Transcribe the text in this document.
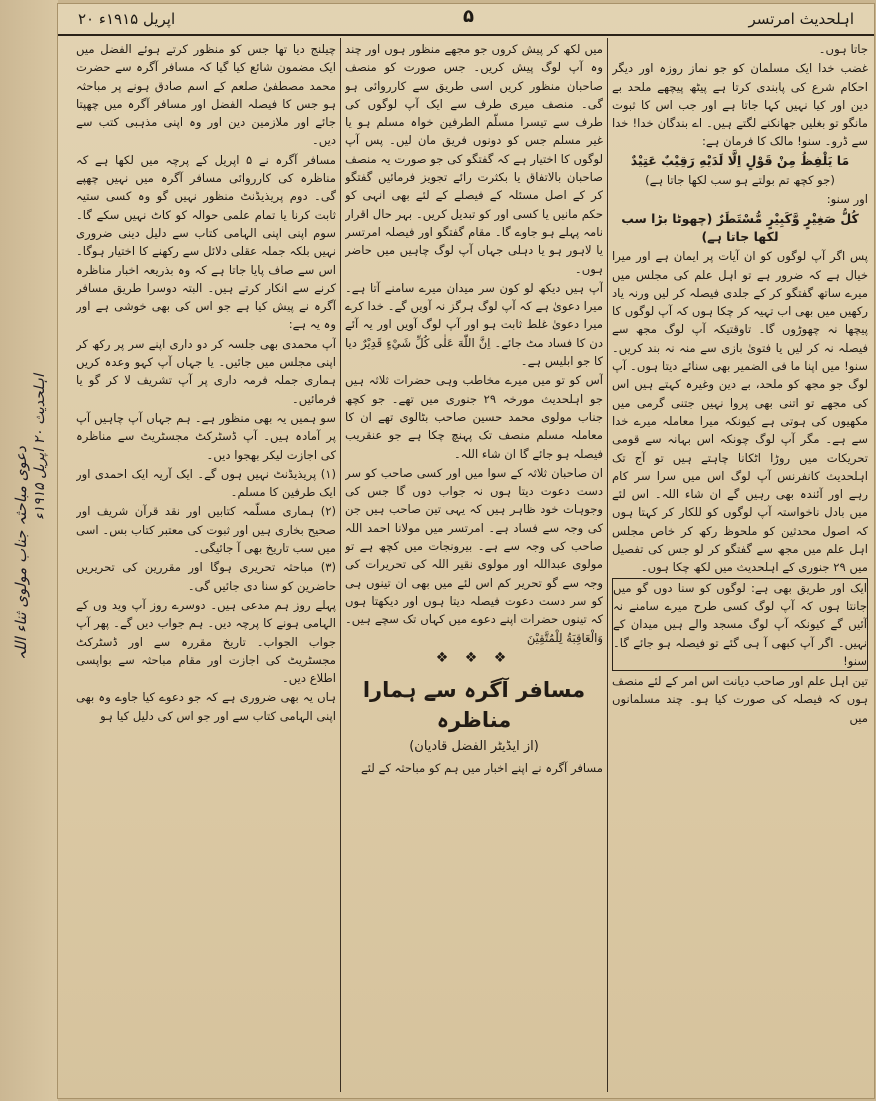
دعوی مباحثہ جناب مولوی ثناء اللہ اہلحدیث ۲۰ اپریل ۱۹۱۵ء
۲۰ اپریل ۱۹۱۵ء	۵	اہلحدیث امرتسر

جاتا ہوں۔

غضب خدا ایک مسلمان کو جو نماز روزہ اور دیگر احکام شرع کی پابندی کرتا ہے پیٹھ پیچھے ملحد بے دین اور کیا نہیں کہا جاتا ہے اور جب اس کا ثبوت مانگو تو بغلیں جھانکنے لگتے ہیں۔ اے بندگان خدا! خدا سے ڈرو۔ سنو! مالک کا فرمان ہے:

مَا يَلْفِظُ مِنْ قَوْلٍ اِلَّا لَدَيْهِ رَقِيْبٌ عَتِيْدٌ

(جو کچھ تم بولتے ہو سب لکھا جاتا ہے)

اور سنو:

كُلُّ صَغِيْرٍ وَّكَبِيْرٍ مُّسْتَطَرٌ (چھوٹا بڑا سب لکھا جاتا ہے)

پس اگر آپ لوگوں کو ان آیات پر ایمان ہے اور میرا خیال ہے کہ ضرور ہے تو اہل علم کی مجلس میں میرے ساتھ گفتگو کر کے جلدی فیصلہ کر لیں ورنہ یاد رکھیں میں بھی اب تہیہ کر چکا ہوں کہ آپ لوگوں کا پیچھا نہ چھوڑوں گا۔ تاوقتیکہ آپ لوگ مجھ سے فیصلہ نہ کر لیں یا فتویٰ بازی سے منہ نہ بند کریں۔ سنو! میں اپنا ما فی الضمیر بھی سنائے دیتا ہوں۔ آپ لوگ جو مجھ کو ملحد، بے دین وغیرہ کہتے ہیں اس کی مجھے تو اتنی بھی پروا نہیں جتنی گرمی میں مکھیوں کی ہوتی ہے کیونکہ میرا معاملہ میرے خدا سے ہے۔ مگر آپ لوگ چونکہ اس بہانہ سے قومی تحریکات میں روڑا اٹکانا چاہتے ہیں تو آج تک اہلحدیث کانفرنس آپ لوگ اس میں سرا سر کام رہے اور آئندہ بھی رہیں گے ان شاء اللہ۔ اس لئے میں بادل ناخواستہ آپ لوگوں کو للکار کر کہتا ہوں کہ اصول محدثین کو ملحوظ رکھ کر خاص مجلس اہل علم میں مجھ سے گفتگو کر لو جس کی تفصیل میں ۲۹ جنوری کے اہلحدیث میں لکھ چکا ہوں۔

ایک اور طریق بھی ہے: لوگوں کو سنا دوں گو میں جانتا ہوں کہ آپ لوگ کسی طرح میرے سامنے نہ آئیں گے کیونکہ آپ لوگ مسجد والے ہیں میدان کے نہیں۔ اگر آپ کبھی آ ہی گئے تو فیصلہ ہو جائے گا۔ سنو!

تین اہل علم اور صاحب دیانت اس امر کے لئے منصف ہوں کہ فیصلہ کی صورت کیا ہو۔ چند مسلمانوں میں

میں لکھ کر پیش کروں جو مجھے منظور ہوں اور چند وہ آپ لوگ پیش کریں۔ جس صورت کو منصف صاحبان منظور کریں اسی طریق سے کارروائی ہو گی۔ منصف میری طرف سے ایک آپ لوگوں کی طرف سے تیسرا مسلّم الطرفین خواہ مسلم ہو یا غیر مسلم جس کو دونوں فریق مان لیں۔ پس آپ لوگوں کا اختیار ہے کہ گفتگو کی جو صورت یہ منصف صاحبان بالاتفاق یا بکثرت رائے تجویز فرمائیں گفتگو کر کے اصل مسئلہ کے فیصلے کے لئے بھی انہی کو حکم مانیں یا کسی اور کو تبدیل کریں۔ بہر حال اقرار نامہ پہلے ہو جاوے گا۔ مقام گفتگو اور فیصلہ امرتسر یا لاہور ہو یا دہلی جہاں آپ لوگ چاہیں میں حاضر ہوں۔

آپ ہیں دیکھ لو کون سر میدان میرے سامنے آتا ہے۔ میرا دعویٰ ہے کہ آپ لوگ ہرگز نہ آویں گے۔ خدا کرے میرا دعویٰ غلط ثابت ہو اور آپ لوگ آویں اور یہ آئے دن کا فساد مٹ جائے۔ اِنَّ اللّٰهَ عَلٰى كُلِّ شَيْءٍ قَدِيْرٌ دیا کا جو ابلیس ہے۔

آس کو تو میں میرے مخاطب وہی حضرات ثلاثہ ہیں جو اہلحدیث مورخہ ۲۹ جنوری میں تھے۔ جو کچھ جناب مولوی محمد حسین صاحب بٹالوی تھے ان کا معاملہ مسلم منصف تک پہنچ چکا ہے جو عنقریب فیصلہ ہو جائے گا ان شاء اللہ۔

ان صاحبان ثلاثہ کے سوا میں اور کسی صاحب کو سر دست دعوت دیتا ہوں نہ جواب دوں گا جس کی وجوہات خود ظاہر ہیں کہ یہی تین صاحب ہیں جن کی وجہ سے فساد ہے۔ امرتسر میں مولانا احمد اللہ صاحب کی وجہ سے ہے۔ بیرونجات میں کچھ ہے تو مولوی عبداللہ اور مولوی نقیر اللہ کی تحریرات کی وجہ سے گو تحریر کم اس لئے میں بھی ان تینوں ہی کو سر دست دعوت فیصلہ دیتا ہوں اور دیکھتا ہوں کہ تینوں حضرات اپنے دعوے میں کہاں تک سچے ہیں۔ وَالْعَاقِبَةُ لِلْمُتَّقِيْنَ

❖ ❖ ❖
مسافر آگرہ سے ہمارا مناظرہ
(از ایڈیٹر الفضل قادیان)

مسافر آگرہ نے اپنے اخبار میں ہم کو مباحثہ کے لئے

چیلنج دیا تھا جس کو منظور کرتے ہوئے الفضل میں ایک مضمون شائع کیا گیا کہ مسافر آگرہ سے حضرت محمد مصطفیٰ صلعم کے اسم صادق ہونے پر مباحثہ ہو جس کا فیصلہ الفضل اور مسافر آگرہ میں چھپتا جائے اور ملازمین دین اور وہ اپنی مذہبی کتب سے دیں۔

مسافر آگرہ نے ۵ اپریل کے پرچہ میں لکھا ہے کہ مناظرہ کی کارروائی مسافر آگرہ میں نہیں چھپے گی۔ دوم پریذیڈنٹ منظور نہیں گو وہ کسی ستیہ ثابت کرنا یا تمام علمی حوالہ کو کاٹ نہیں سکے گا۔ سوم اپنی اپنی الہامی کتاب سے دلیل دینی ضروری نہیں بلکہ جملہ عقلی دلائل سے رکھنے کا اختیار ہوگا۔ اس سے صاف پایا جاتا ہے کہ وہ بذریعہ اخبار مناظرہ کرنے سے انکار کرتے ہیں۔ البتہ دوسرا طریق مسافر آگرہ نے پیش کیا ہے جو اس کی بھی خوشی ہے اور وہ یہ ہے:

آپ محمدی بھی جلسہ کر دو داری اپنے سر پر رکھ کر اپنی مجلس میں جائیں۔ یا جہاں آپ کہو وعدہ کریں ہماری جملہ فرمہ داری پر آپ تشریف لا کر گو یا فرمائیں۔

سو ہمیں یہ بھی منظور ہے۔ ہم جہاں آپ چاہیں آپ پر آمادہ ہیں۔ آپ ڈسٹرکٹ مجسٹریٹ سے مناظرہ کی اجازت لیکر بھجوا دیں۔

(۱) پریذیڈنٹ نہیں ہوں گے۔ ایک آریہ ایک احمدی اور ایک طرفین کا مسلم۔

(۲) ہماری مسلّمہ کتابیں اور نقد قرآن شریف اور صحیح بخاری ہیں اور ثبوت کی معتبر کتاب بس۔ اسی میں سب تاریخ بھی آ جائیگی۔

(۳) مباحثہ تحریری ہوگا اور مقررین کی تحریریں حاضرین کو سنا دی جائیں گی۔

پہلے روز ہم مدعی ہیں۔ دوسرے روز آپ وید وں کے الہامی ہونے کا پرچہ دیں۔ ہم جواب دیں گے۔ پھر آپ جواب الجواب۔ تاریخ مقررہ سے اور ڈسٹرکٹ مجسٹریٹ کی اجازت اور مقام مباحثہ سے بواپسی اطلاع دیں۔

ہاں یہ بھی ضروری ہے کہ جو دعوے کیا جاوے وہ بھی اپنی الہامی کتاب سے اور جو اس کی دلیل کیا ہو
